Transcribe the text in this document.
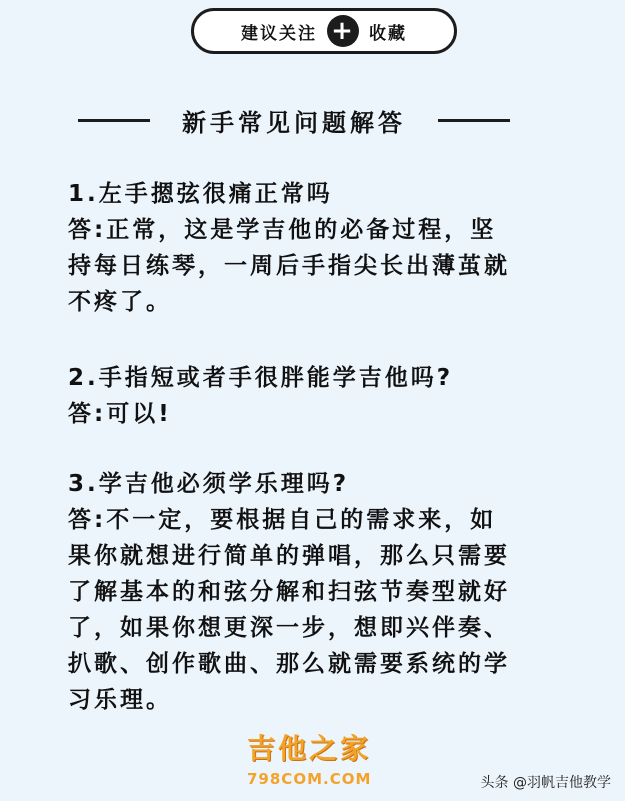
建议关注 + 收藏
新手常见问题解答

1.左手摁弦很痛正常吗

答:正常，这是学吉他的必备过程，坚

持每日练琴，一周后手指尖长出薄茧就

不疼了。

2.手指短或者手很胖能学吉他吗?

答:可以!

3.学吉他必须学乐理吗?

答:不一定，要根据自己的需求来，如

果你就想进行简单的弹唱，那么只需要

了解基本的和弦分解和扫弦节奏型就好

了，如果你想更深一步，想即兴伴奏、

扒歌、创作歌曲、那么就需要系统的学

习乐理。

吉他之家
798COM.COM	头条 @羽帆吉他教学
